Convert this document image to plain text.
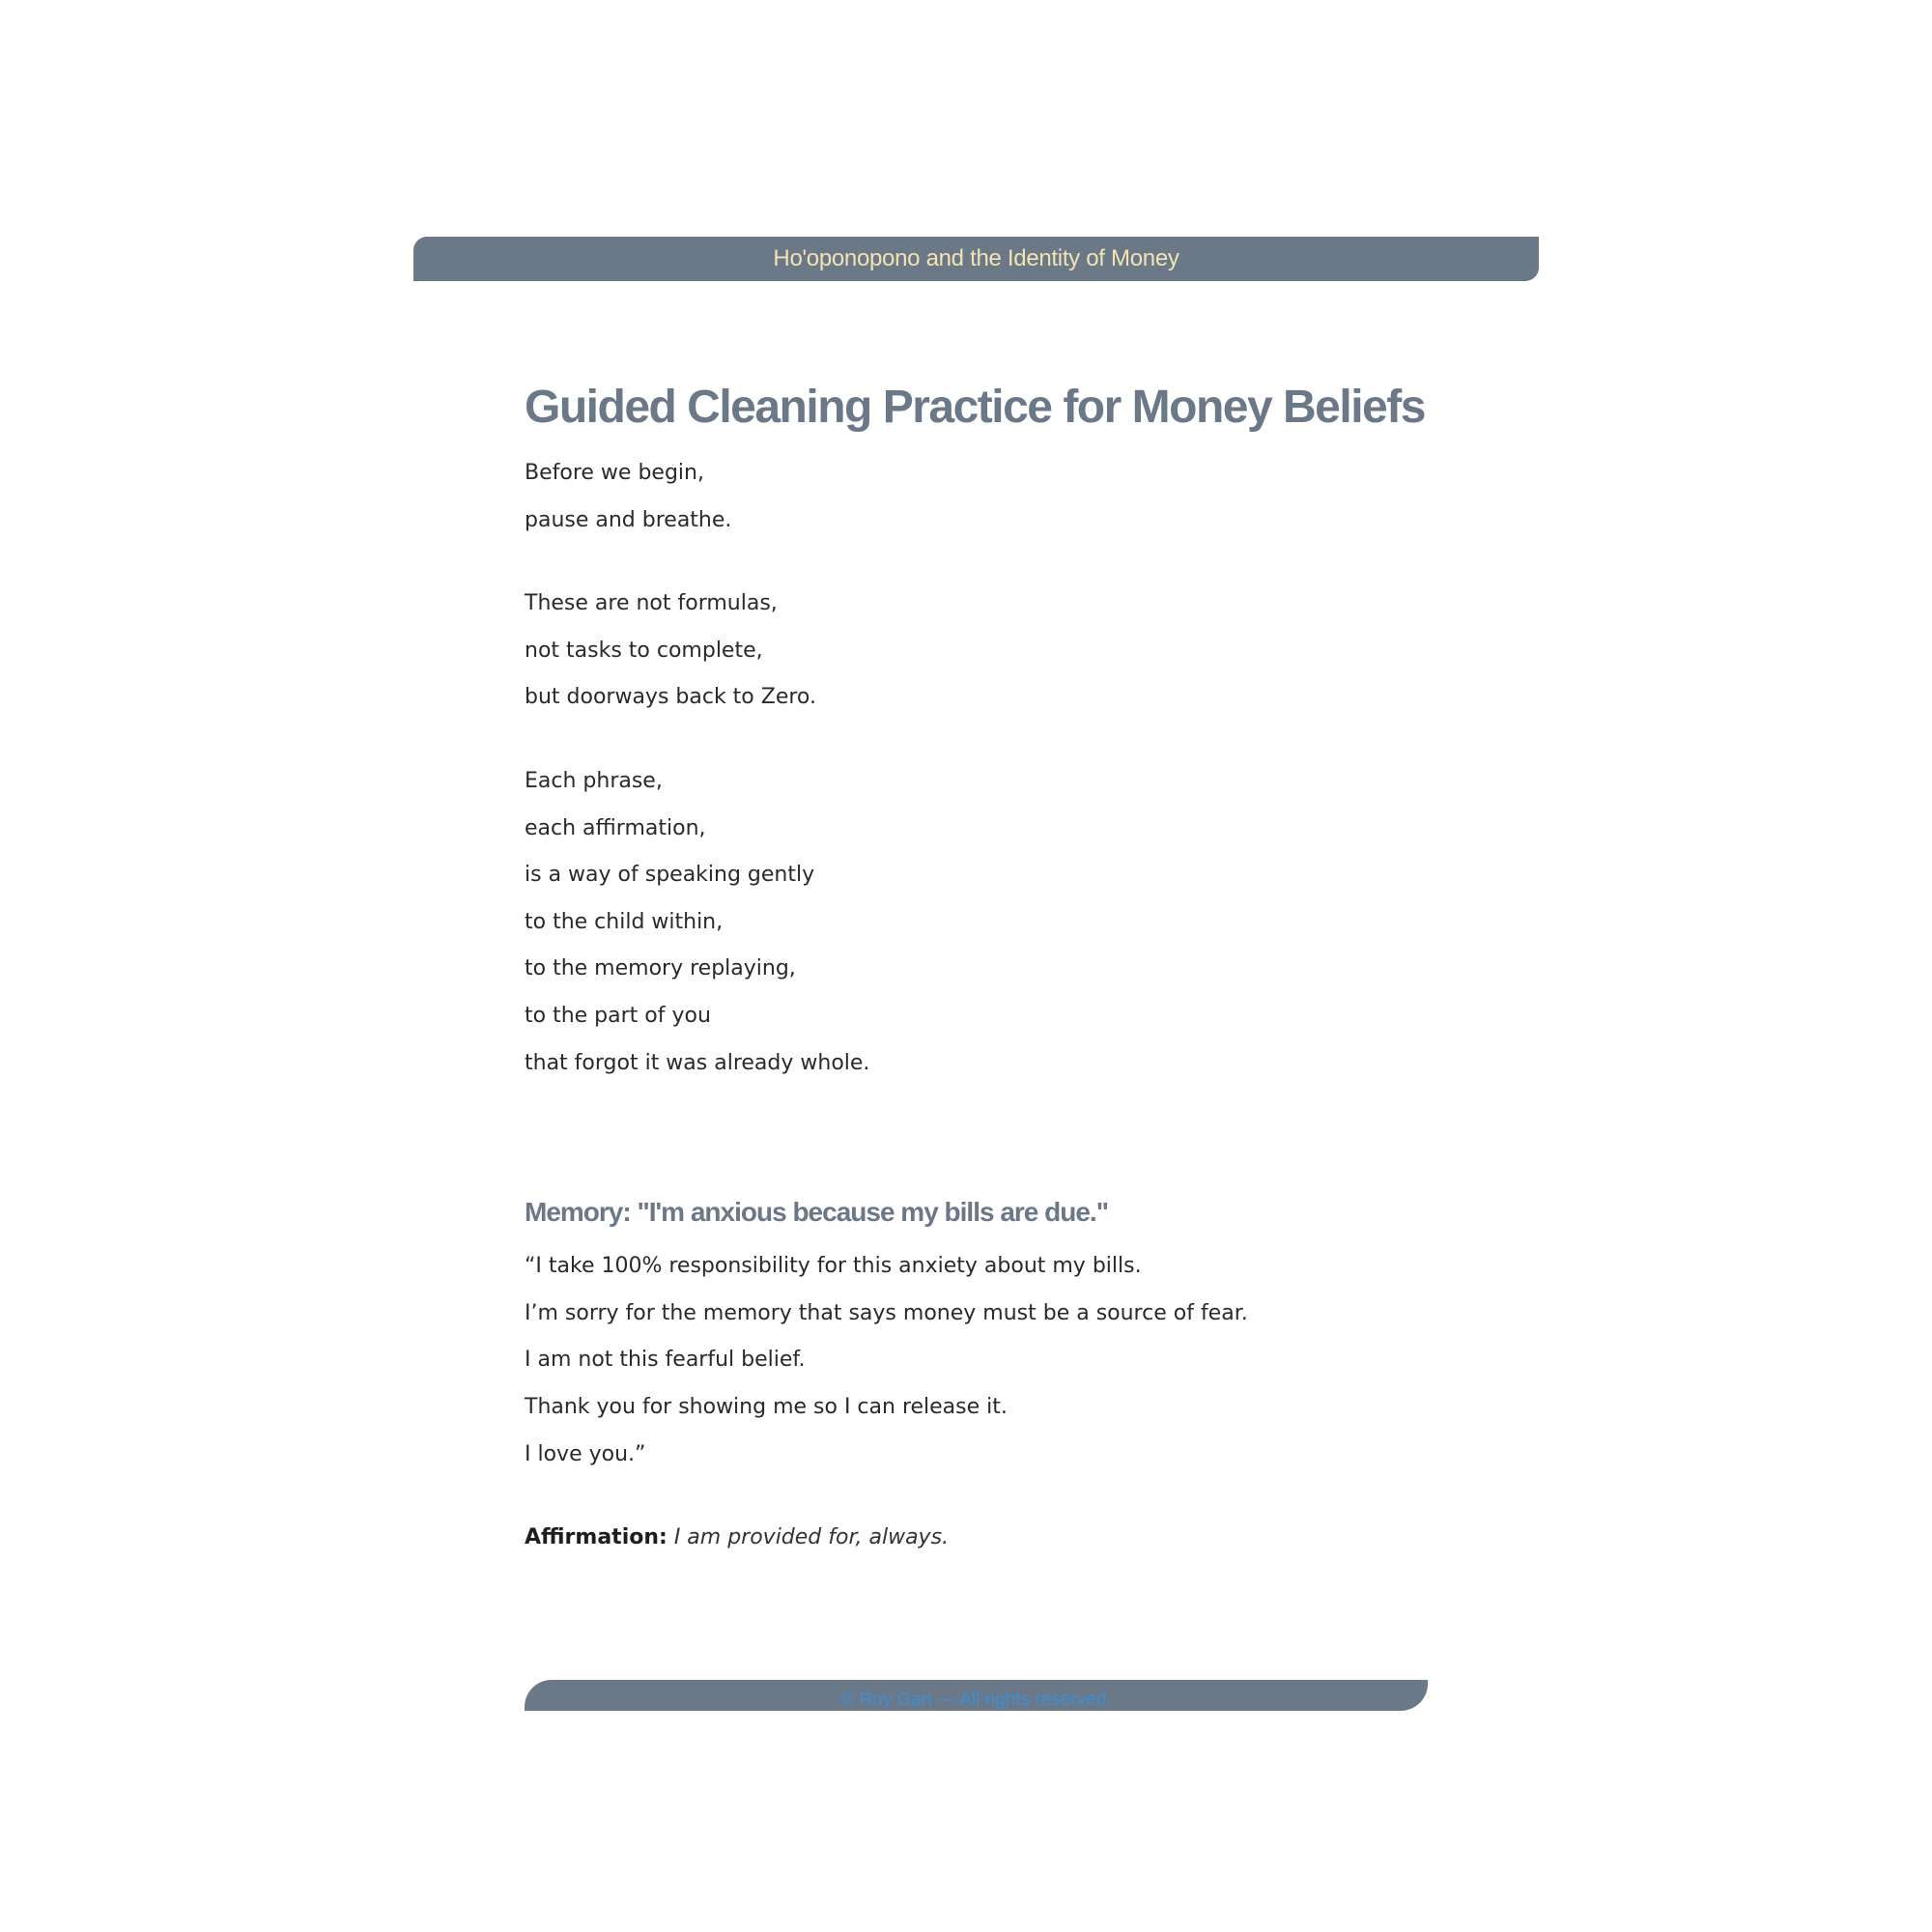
Ho'oponopono and the Identity of Money
Guided Cleaning Practice for Money Beliefs

Before we begin,

pause and breathe.

These are not formulas,

not tasks to complete,

but doorways back to Zero.

Each phrase,

each affirmation,

is a way of speaking gently

to the child within,

to the memory replaying,

to the part of you

that forgot it was already whole.

Memory: "I'm anxious because my bills are due."

“I take 100% responsibility for this anxiety about my bills.

I’m sorry for the memory that says money must be a source of fear.

I am not this fearful belief.

Thank you for showing me so I can release it.

I love you.”

Affirmation: I am provided for, always.
© Roy Gan — All rights reserved.
